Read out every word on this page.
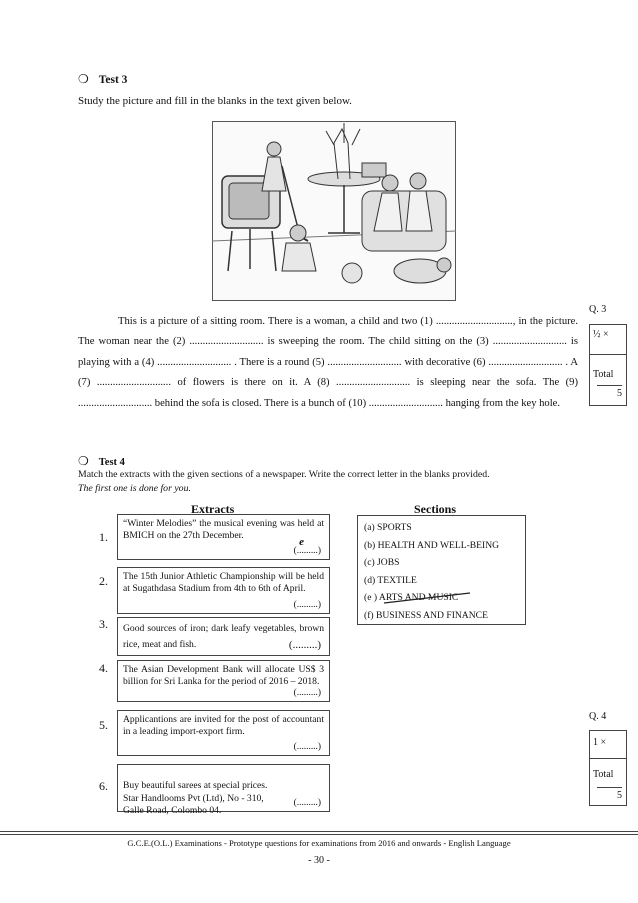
❍ Test 3
Study the picture and fill in the blanks in the text given below.
Q. 3
½ ×
Total
5
This is a picture of a sitting room. There is a woman, a child and two (1) ............................., in the picture. The woman near the (2) ............................ is sweeping the room. The child sitting on the (3) ............................ is playing with a (4) ............................ . There is a round (5) ............................ with decorative (6) ............................ . A (7) ............................ of flowers is there on it. A (8) ............................ is sleeping near the sofa. The (9) ............................ behind the sofa is closed. There is a bunch of (10) ............................ hanging from the key hole.
❍ Test 4
Match the extracts with the given sections of a newspaper. Write the correct letter in the blanks provided.
The first one is done for you.
Extracts	Sections
1.
“Winter Melodies” the musical evening was held at BMICH on the 27th December.	e
(.........)
2.	The 15th Junior Athletic Championship will be held at Sugathdasa Stadium from 4th to 6th of April.
(.........)
3.	Good sources of iron; dark leafy vegetables, brown rice, meat and fish.	(.........)
4.	The Asian Development Bank will allocate US$ 3 billion for Sri Lanka for the period of 2016 – 2018.
(.........)
5.	Applicantions are invited for the post of accountant in a leading import-export firm.
(.........)
6.	Buy beautiful sarees at special prices.
Star Handlooms Pvt (Ltd), No - 310,
Galle Road, Colombo 04.

(.........)

(a) SPORTS
(b) HEALTH AND WELL-BEING
(c) JOBS
(d) TEXTILE
(e ) ARTS AND MUSIC
(f) BUSINESS AND FINANCE
Q. 4
1 ×
Total
5
G.C.E.(O.L.) Examinations - Prototype questions for examinations from 2016 and onwards - English Language
- 30 -
